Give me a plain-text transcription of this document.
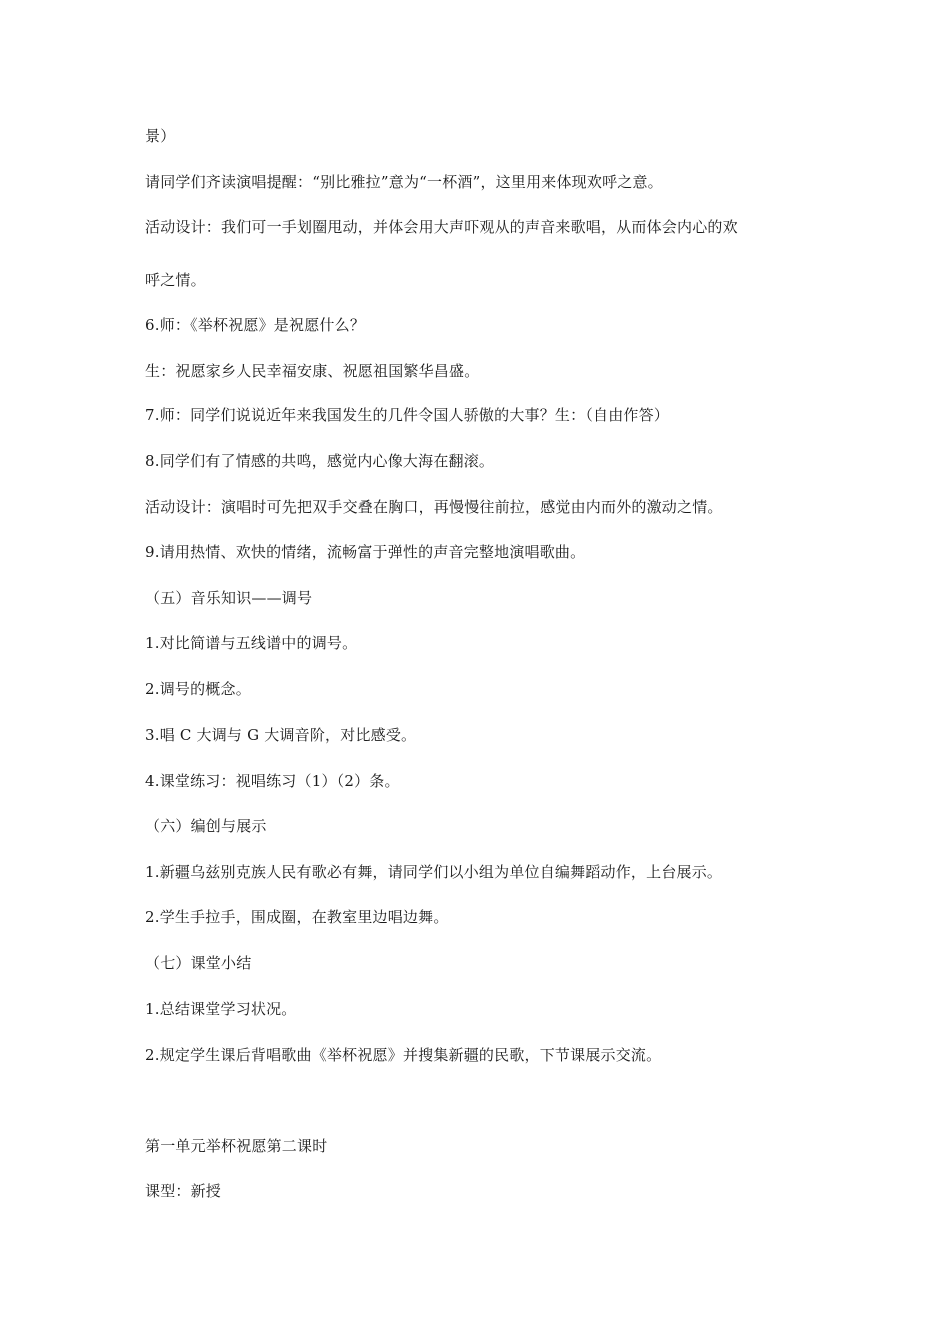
景）
请同学们齐读演唱提醒：“别比雅拉”意为“一杯酒”，这里用来体现欢呼之意。
活动设计：我们可一手划圈甩动，并体会用大声吓观从的声音来歌唱，从而体会内心的欢
呼之情。
6.师：《举杯祝愿》是祝愿什么？
生：祝愿家乡人民幸福安康、祝愿祖国繁华昌盛。
7.师：同学们说说近年来我国发生的几件令国人骄傲的大事？生：（自由作答）
8.同学们有了情感的共鸣，感觉内心像大海在翻滚。
活动设计：演唱时可先把双手交叠在胸口，再慢慢往前拉，感觉由内而外的激动之情。
9.请用热情、欢快的情绪，流畅富于弹性的声音完整地演唱歌曲。
（五）音乐知识——调号
1.对比简谱与五线谱中的调号。
2.调号的概念。
3.唱 C 大调与 G 大调音阶，对比感受。
4.课堂练习：视唱练习（1）（2）条。
（六）编创与展示
1.新疆乌兹别克族人民有歌必有舞，请同学们以小组为单位自编舞蹈动作，上台展示。
2.学生手拉手，围成圈，在教室里边唱边舞。
（七）课堂小结
1.总结课堂学习状况。
2.规定学生课后背唱歌曲《举杯祝愿》并搜集新疆的民歌，下节课展示交流。
第一单元举杯祝愿第二课时
课型：新授
